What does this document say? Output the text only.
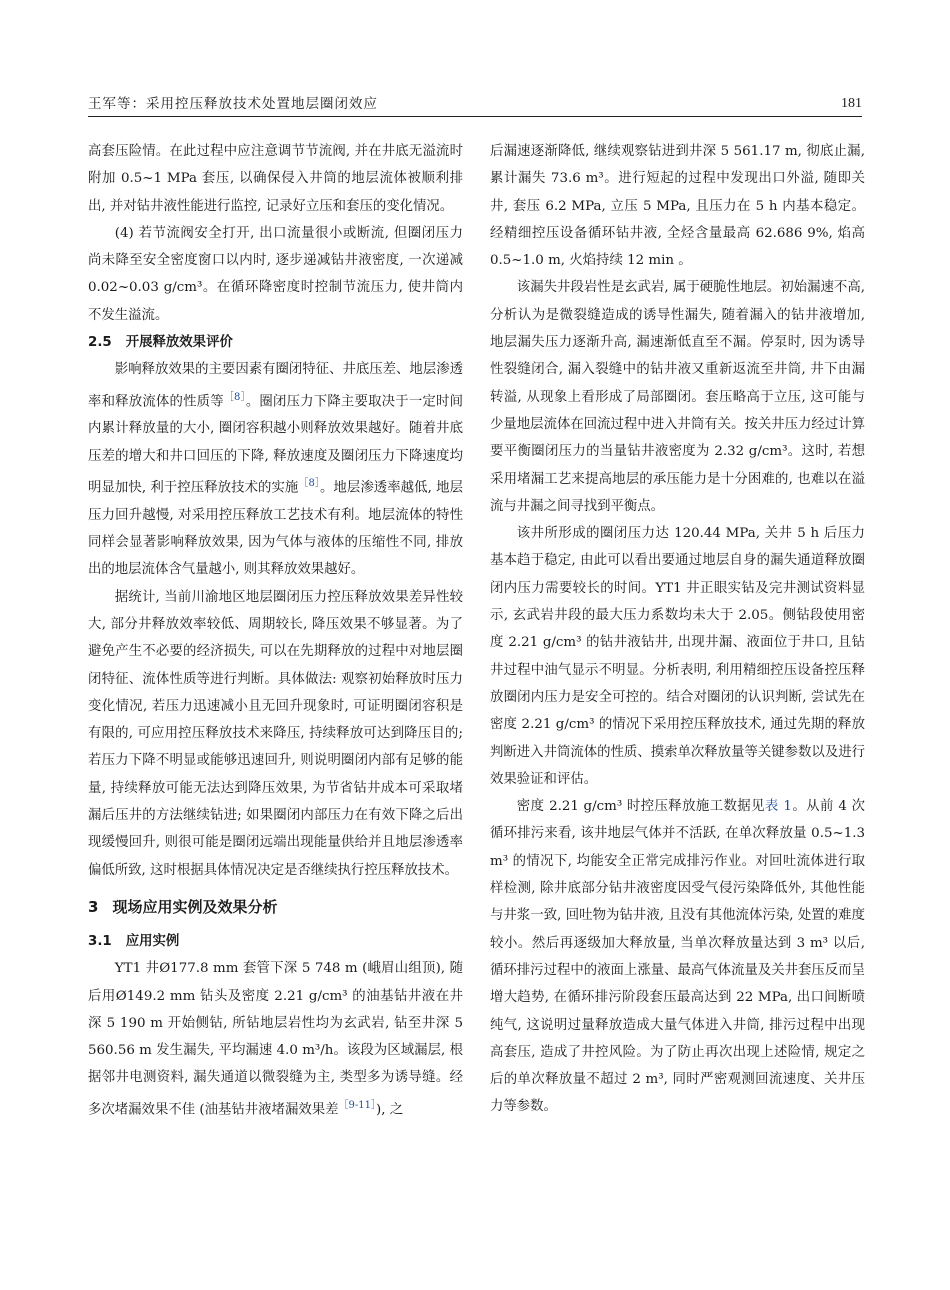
王军等：采用控压释放技术处置地层圈闭效应	181

高套压险情。在此过程中应注意调节节流阀, 并在井底无溢流时附加 0.5~1 MPa 套压, 以确保侵入井筒的地层流体被顺利排出, 并对钻井液性能进行监控, 记录好立压和套压的变化情况。

(4) 若节流阀安全打开, 出口流量很小或断流, 但圈闭压力尚未降至安全密度窗口以内时, 逐步递减钻井液密度, 一次递减 0.02~0.03 g/cm³。在循环降密度时控制节流压力, 使井筒内不发生溢流。

2.5 开展释放效果评价

影响释放效果的主要因素有圈闭特征、井底压差、地层渗透率和释放流体的性质等$^{[8]}$。圈闭压力下降主要取决于一定时间内累计释放量的大小, 圈闭容积越小则释放效果越好。随着井底压差的增大和井口回压的下降, 释放速度及圈闭压力下降速度均明显加快, 利于控压释放技术的实施$^{[8]}$。地层渗透率越低, 地层压力回升越慢, 对采用控压释放工艺技术有利。地层流体的特性同样会显著影响释放效果, 因为气体与液体的压缩性不同, 排放出的地层流体含气量越小, 则其释放效果越好。

据统计, 当前川渝地区地层圈闭压力控压释放效果差异性较大, 部分井释放效率较低、周期较长, 降压效果不够显著。为了避免产生不必要的经济损失, 可以在先期释放的过程中对地层圈闭特征、流体性质等进行判断。具体做法: 观察初始释放时压力变化情况, 若压力迅速减小且无回升现象时, 可证明圈闭容积是有限的, 可应用控压释放技术来降压, 持续释放可达到降压目的; 若压力下降不明显或能够迅速回升, 则说明圈闭内部有足够的能量, 持续释放可能无法达到降压效果, 为节省钻井成本可采取堵漏后压井的方法继续钻进; 如果圈闭内部压力在有效下降之后出现缓慢回升, 则很可能是圈闭远端出现能量供给并且地层渗透率偏低所致, 这时根据具体情况决定是否继续执行控压释放技术。

3 现场应用实例及效果分析

3.1 应用实例

YT1 井Ø177.8 mm 套管下深 5 748 m (峨眉山组顶), 随后用Ø149.2 mm 钻头及密度 2.21 g/cm³ 的油基钻井液在井深 5 190 m 开始侧钻, 所钻地层岩性均为玄武岩, 钻至井深 5 560.56 m 发生漏失, 平均漏速 4.0 m³/h。该段为区域漏层, 根据邻井电测资料, 漏失通道以微裂缝为主, 类型多为诱导缝。经多次堵漏效果不佳 (油基钻井液堵漏效果差$^{[9-11]}$), 之

后漏速逐渐降低, 继续观察钻进到井深 5 561.17 m, 彻底止漏, 累计漏失 73.6 m³。进行短起的过程中发现出口外溢, 随即关井, 套压 6.2 MPa, 立压 5 MPa, 且压力在 5 h 内基本稳定。经精细控压设备循环钻井液, 全烃含量最高 62.686 9%, 焰高 0.5~1.0 m, 火焰持续 12 min 。

该漏失井段岩性是玄武岩, 属于硬脆性地层。初始漏速不高, 分析认为是微裂缝造成的诱导性漏失, 随着漏入的钻井液增加, 地层漏失压力逐渐升高, 漏速渐低直至不漏。停泵时, 因为诱导性裂缝闭合, 漏入裂缝中的钻井液又重新返流至井筒, 井下由漏转溢, 从现象上看形成了局部圈闭。套压略高于立压, 这可能与少量地层流体在回流过程中进入井筒有关。按关井压力经过计算要平衡圈闭压力的当量钻井液密度为 2.32 g/cm³。这时, 若想采用堵漏工艺来提高地层的承压能力是十分困难的, 也难以在溢流与井漏之间寻找到平衡点。

该井所形成的圈闭压力达 120.44 MPa, 关井 5 h 后压力基本趋于稳定, 由此可以看出要通过地层自身的漏失通道释放圈闭内压力需要较长的时间。YT1 井正眼实钻及完井测试资料显示, 玄武岩井段的最大压力系数均未大于 2.05。侧钻段使用密度 2.21 g/cm³ 的钻井液钻井, 出现井漏、液面位于井口, 且钻井过程中油气显示不明显。分析表明, 利用精细控压设备控压释放圈闭内压力是安全可控的。结合对圈闭的认识判断, 尝试先在密度 2.21 g/cm³ 的情况下采用控压释放技术, 通过先期的释放判断进入井筒流体的性质、摸索单次释放量等关键参数以及进行效果验证和评估。

密度 2.21 g/cm³ 时控压释放施工数据见表 1。从前 4 次循环排污来看, 该井地层气体并不活跃, 在单次释放量 0.5~1.3 m³ 的情况下, 均能安全正常完成排污作业。对回吐流体进行取样检测, 除井底部分钻井液密度因受气侵污染降低外, 其他性能与井浆一致, 回吐物为钻井液, 且没有其他流体污染, 处置的难度较小。然后再逐级加大释放量, 当单次释放量达到 3 m³ 以后, 循环排污过程中的液面上涨量、最高气体流量及关井套压反而呈增大趋势, 在循环排污阶段套压最高达到 22 MPa, 出口间断喷纯气, 这说明过量释放造成大量气体进入井筒, 排污过程中出现高套压, 造成了井控风险。为了防止再次出现上述险情, 规定之后的单次释放量不超过 2 m³, 同时严密观测回流速度、关井压力等参数。
